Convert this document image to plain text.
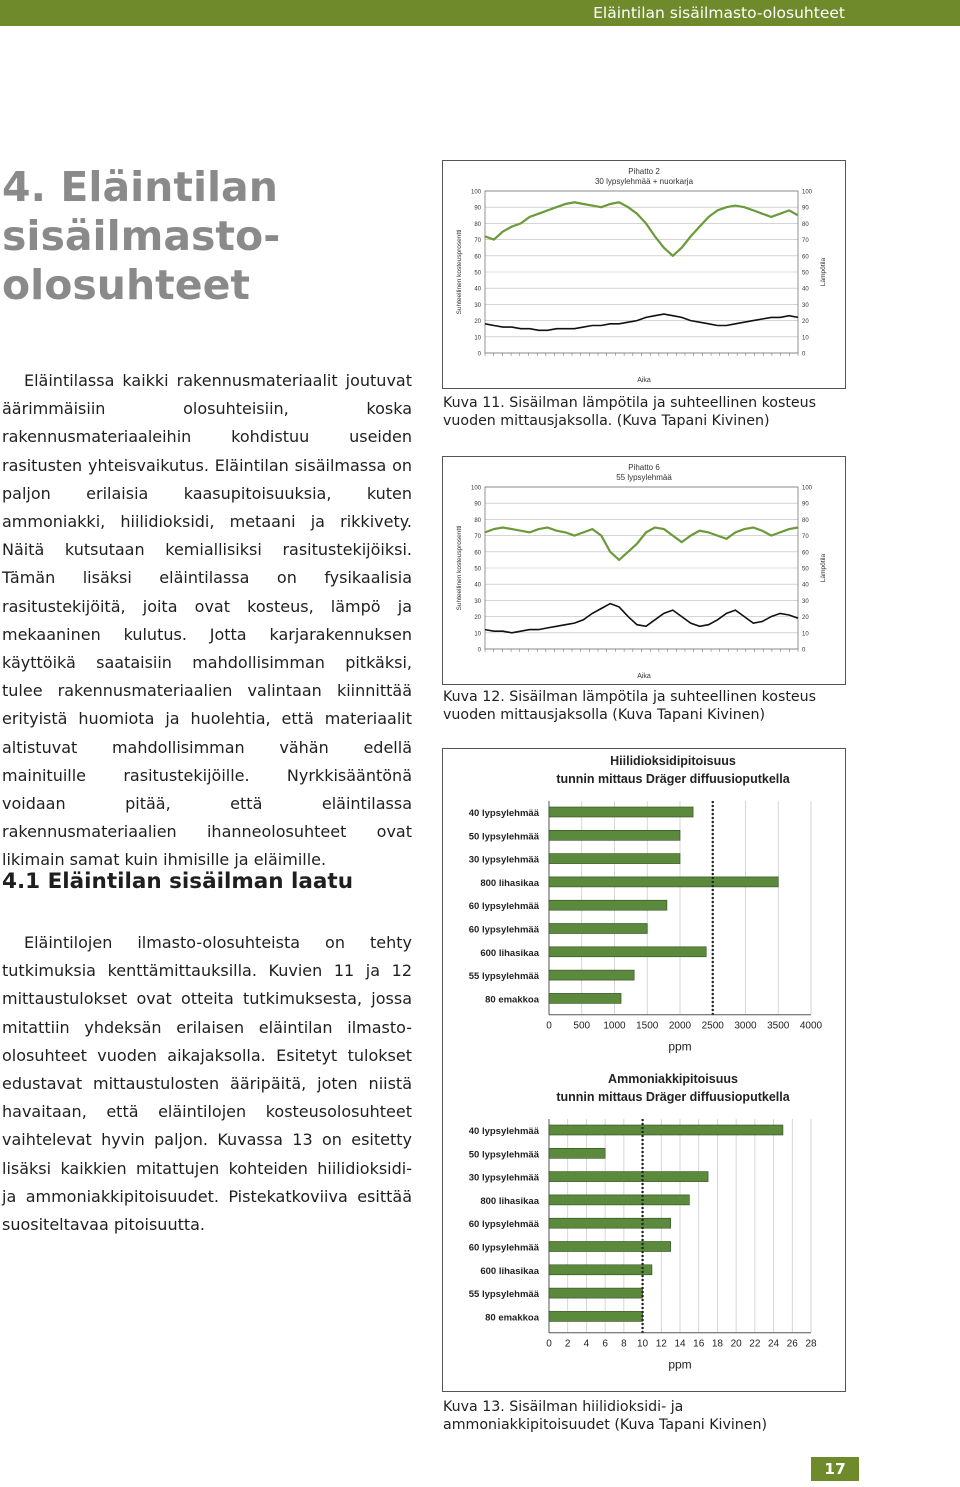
Eläintilan sisäilmasto-olosuhteet
4. Eläintilan
sisäilmasto-
olosuhteet

Eläintilassa kaikki rakennusmateriaalit joutuvat äärimmäisiin olosuhteisiin, koska rakennusmateriaaleihin kohdistuu useiden rasitusten yhteisvaikutus. Eläintilan sisäilmassa on paljon erilaisia kaasupitoisuuksia, kuten ammoniakki, hiilidioksidi, metaani ja rikkivety. Näitä kutsutaan kemiallisiksi rasitustekijöiksi. Tämän lisäksi eläintilassa on fysikaalisia rasitustekijöitä, joita ovat kosteus, lämpö ja mekaaninen kulutus. Jotta karjarakennuksen käyttöikä saataisiin mahdollisimman pitkäksi, tulee rakennusmateriaalien valintaan kiinnittää erityistä huomiota ja huolehtia, että materiaalit altistuvat mahdollisimman vähän edellä mainituille rasitustekijöille. Nyrkkisääntönä voidaan pitää, että eläintilassa rakennusmateriaalien ihanneolosuhteet ovat likimain samat kuin ihmisille ja eläimille.

4.1 Eläintilan sisäilman laatu

Eläintilojen ilmasto-olosuhteista on tehty tutkimuksia kenttämittauksilla. Kuvien 11 ja 12 mittaustulokset ovat otteita tutkimuksesta, jossa mitattiin yhdeksän erilaisen eläintilan ilmasto-olosuhteet vuoden aikajaksolla. Esitetyt tulokset edustavat mittaustulosten ääripäitä, joten niistä havaitaan, että eläintilojen kosteusolosuhteet vaihtelevat hyvin paljon. Kuvassa 13 on esitetty lisäksi kaikkien mitattujen kohteiden hiilidioksidi- ja ammoniakkipitoisuudet. Pistekatkoviiva esittää suositeltavaa pitoisuutta.

Pihatto 2
30 lypsylehmää + nuorkarja
0	0
10	10
20	20
30	30
40	40
50	50
60	60
70	70
80	80
90	90
100	100
Aika
Suhteellinen kosteusprosentti	Lämpötila
Kuva 11. Sisäilman lämpötila ja suhteellinen kosteus vuoden mittausjaksolla. (Kuva Tapani Kivinen)
Pihatto 6
55 lypsylehmää
0	0
10	10
20	20
30	30
40	40
50	50
60	60
70	70
80	80
90	90
100	100
Aika
Suhteellinen kosteusprosentti	Lämpötila
Kuva 12. Sisäilman lämpötila ja suhteellinen kosteus vuoden mittausjaksolla (Kuva Tapani Kivinen)
Hiilidioksidipitoisuus
tunnin mittaus Dräger diffuusioputkella
0 500 1000 1500 2000 2500 3000 3500 4000
40 lypsylehmää
50 lypsylehmää
30 lypsylehmää
800 lihasikaa
60 lypsylehmää
60 lypsylehmää
600 lihasikaa
55 lypsylehmää
80 emakkoa
ppm
Ammoniakkipitoisuus
tunnin mittaus Dräger diffuusioputkella
0 2 4 6 8 10 12 14 16 18 20 22 24 26 28
40 lypsylehmää
50 lypsylehmää
30 lypsylehmää
800 lihasikaa
60 lypsylehmää
60 lypsylehmää
600 lihasikaa
55 lypsylehmää
80 emakkoa
ppm
Kuva 13. Sisäilman hiilidioksidi- ja ammoniakkipitoisuudet (Kuva Tapani Kivinen)
17
